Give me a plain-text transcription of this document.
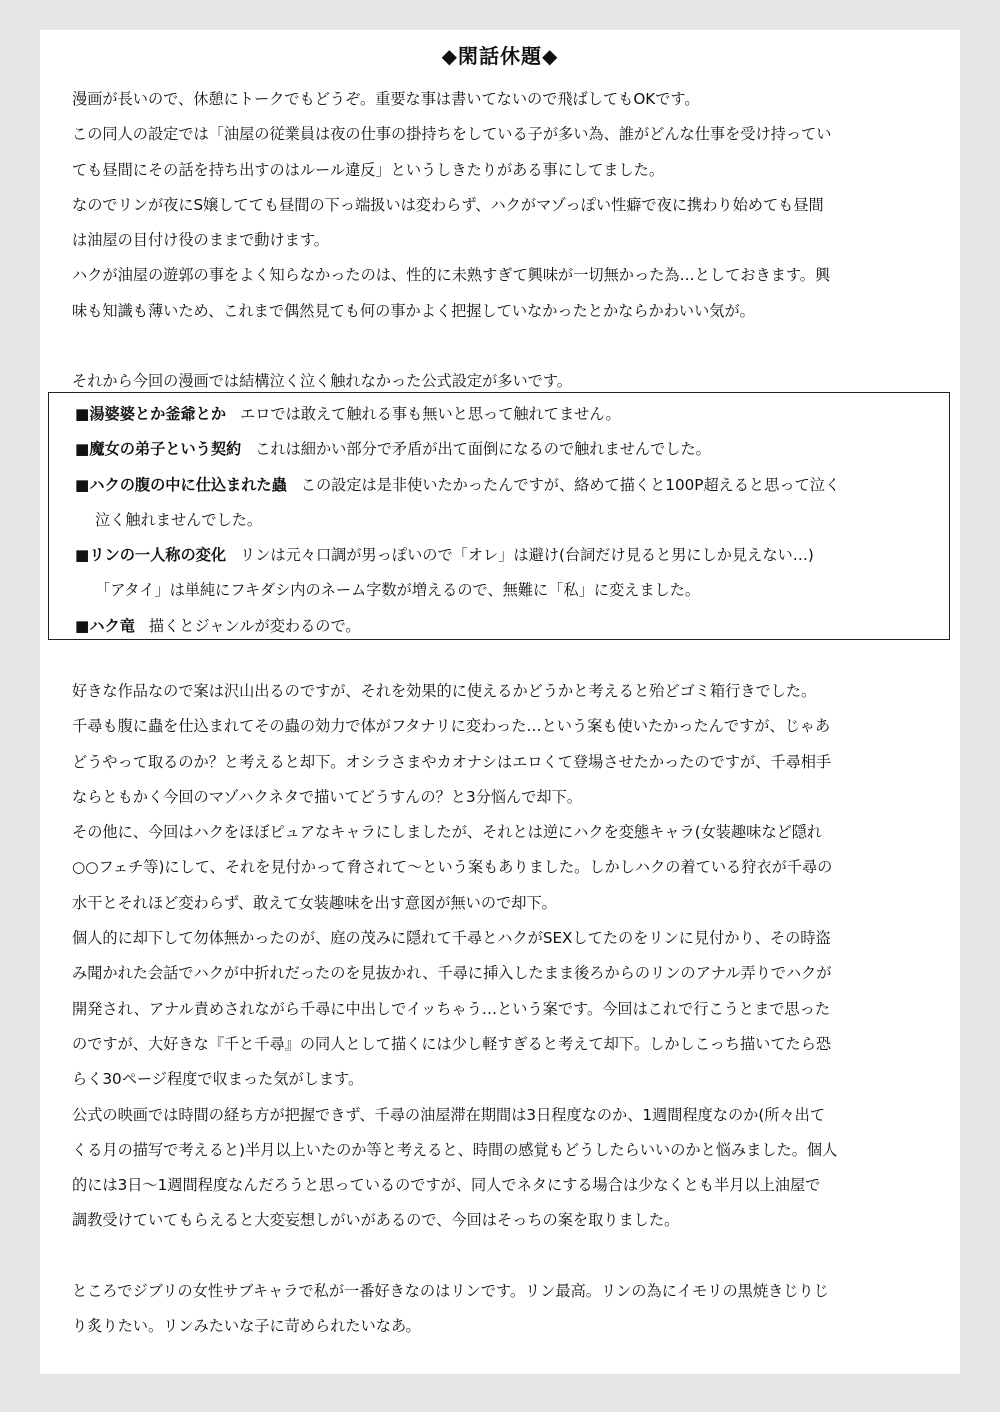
◆閑話休題◆
漫画が長いので、休憩にトークでもどうぞ。重要な事は書いてないので飛ばしてもOKです。
この同人の設定では「油屋の従業員は夜の仕事の掛持ちをしている子が多い為、誰がどんな仕事を受け持ってい
ても昼間にその話を持ち出すのはルール違反」というしきたりがある事にしてました。
なのでリンが夜にS嬢してても昼間の下っ端扱いは変わらず、ハクがマゾっぽい性癖で夜に携わり始めても昼間
は油屋の目付け役のままで動けます。
ハクが油屋の遊郭の事をよく知らなかったのは、性的に未熟すぎて興味が一切無かった為…としておきます。興
味も知識も薄いため、これまで偶然見ても何の事かよく把握していなかったとかならかわいい気が。
それから今回の漫画では結構泣く泣く触れなかった公式設定が多いです。
■湯婆婆とか釜爺とか エロでは敢えて触れる事も無いと思って触れてません。
■魔女の弟子という契約 これは細かい部分で矛盾が出て面倒になるので触れませんでした。
■ハクの腹の中に仕込まれた蟲 この設定は是非使いたかったんですが、絡めて描くと100P超えると思って泣く
泣く触れませんでした。
■リンの一人称の変化 リンは元々口調が男っぽいので「オレ」は避け(台詞だけ見ると男にしか見えない…)
「アタイ」は単純にフキダシ内のネーム字数が増えるので、無難に「私」に変えました。
■ハク竜 描くとジャンルが変わるので。
好きな作品なので案は沢山出るのですが、それを効果的に使えるかどうかと考えると殆どゴミ箱行きでした。
千尋も腹に蟲を仕込まれてその蟲の効力で体がフタナリに変わった…という案も使いたかったんですが、じゃあ
どうやって取るのか？と考えると却下。オシラさまやカオナシはエロくて登場させたかったのですが、千尋相手
ならともかく今回のマゾハクネタで描いてどうすんの？と3分悩んで却下。
その他に、今回はハクをほぼピュアなキャラにしましたが、それとは逆にハクを変態キャラ(女装趣味など隠れ
○○フェチ等)にして、それを見付かって脅されて～という案もありました。しかしハクの着ている狩衣が千尋の
水干とそれほど変わらず、敢えて女装趣味を出す意図が無いので却下。
個人的に却下して勿体無かったのが、庭の茂みに隠れて千尋とハクがSEXしてたのをリンに見付かり、その時盗
み聞かれた会話でハクが中折れだったのを見抜かれ、千尋に挿入したまま後ろからのリンのアナル弄りでハクが
開発され、アナル責めされながら千尋に中出しでイッちゃう…という案です。今回はこれで行こうとまで思った
のですが、大好きな『千と千尋』の同人として描くには少し軽すぎると考えて却下。しかしこっち描いてたら恐
らく30ページ程度で収まった気がします。
公式の映画では時間の経ち方が把握できず、千尋の油屋滞在期間は3日程度なのか、1週間程度なのか(所々出て
くる月の描写で考えると)半月以上いたのか等と考えると、時間の感覚もどうしたらいいのかと悩みました。個人
的には3日～1週間程度なんだろうと思っているのですが、同人でネタにする場合は少なくとも半月以上油屋で
調教受けていてもらえると大変妄想しがいがあるので、今回はそっちの案を取りました。
ところでジブリの女性サブキャラで私が一番好きなのはリンです。リン最高。リンの為にイモリの黒焼きじりじ
り炙りたい。リンみたいな子に苛められたいなあ。
